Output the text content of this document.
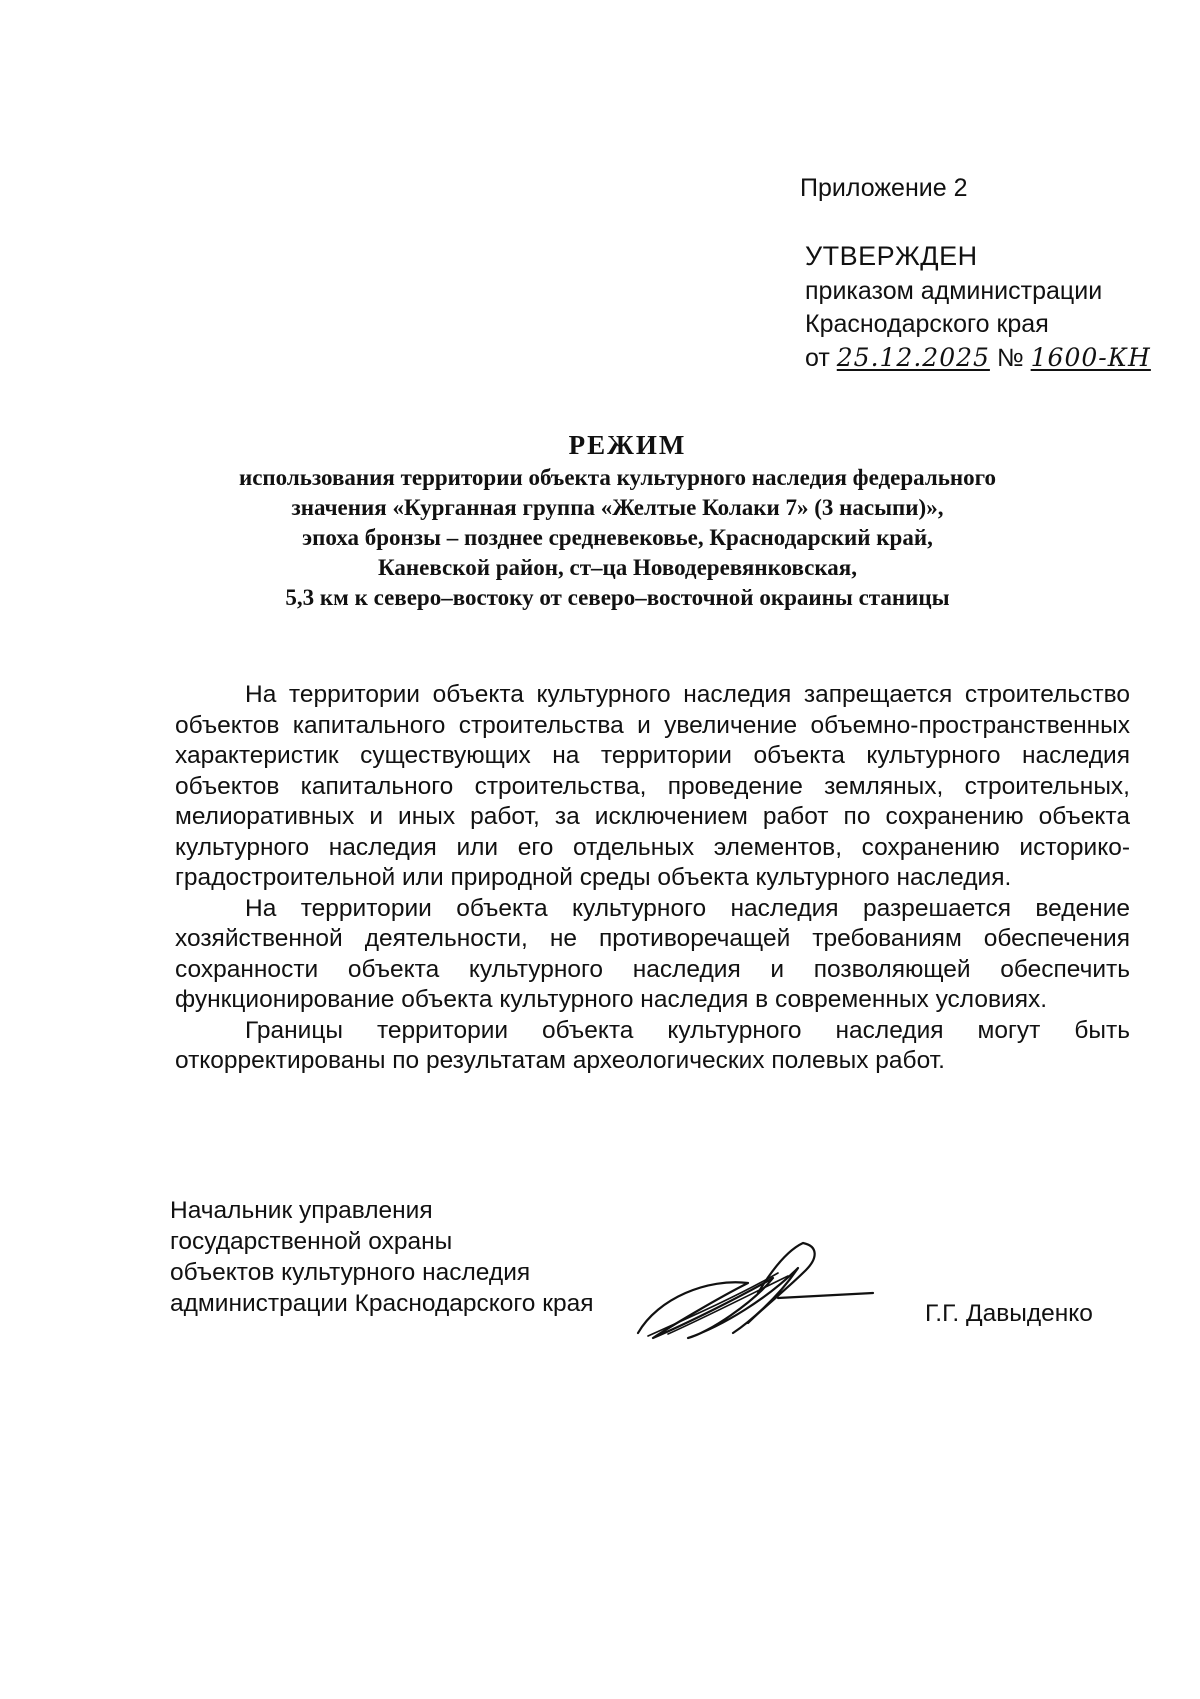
Приложение 2
УТВЕРЖДЕН
приказом администрации
Краснодарского края
от 25.12.2025 № 1600-КН
РЕЖИМ
использования территории объекта культурного наследия федерального
значения «Курганная группа «Желтые Колаки 7» (3 насыпи)»,
эпоха бронзы – позднее средневековье, Краснодарский край,
Каневской район, ст–ца Новодеревянковская,
5,3 км к северо–востоку от северо–восточной окраины станицы

На территории объекта культурного наследия запрещается строительство объектов капитального строительства и увеличение объемно-пространственных характеристик существующих на территории объекта культурного наследия объектов капитального строительства, проведение земляных, строительных, мелиоративных и иных работ, за исключением работ по сохранению объекта культурного наследия или его отдельных элементов, сохранению историко-градостроительной или природной среды объекта культурного наследия.

На территории объекта культурного наследия разрешается ведение хозяйственной деятельности, не противоречащей требованиям обеспечения сохранности объекта культурного наследия и позволяющей обеспечить функционирование объекта культурного наследия в современных условиях.

Границы территории объекта культурного наследия могут быть откорректированы по результатам археологических полевых работ.

Начальник управления
государственной охраны
объектов культурного наследия
администрации Краснодарского края	Г.Г. Давыденко
